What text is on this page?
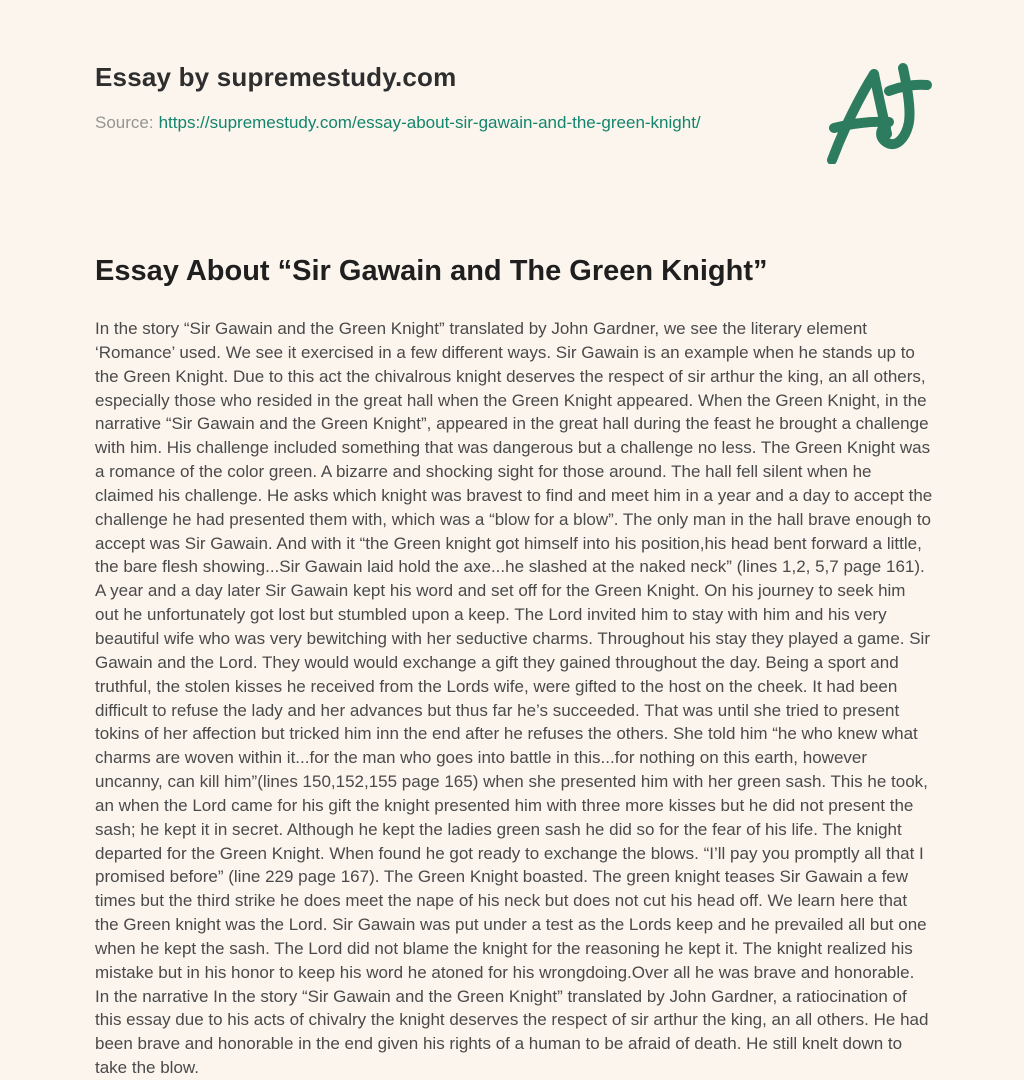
Essay by supremestudy.com

Source: https://supremestudy.com/essay-about-sir-gawain-and-the-green-knight/

Essay About “Sir Gawain and The Green Knight”

In the story “Sir Gawain and the Green Knight” translated by John Gardner, we see the literary element ‘Romance’ used. We see it exercised in a few different ways. Sir Gawain is an example when he stands up to the Green Knight. Due to this act the chivalrous knight deserves the respect of sir arthur the king, an all others, especially those who resided in the great hall when the Green Knight appeared. When the Green Knight, in the narrative “Sir Gawain and the Green Knight”, appeared in the great hall during the feast he brought a challenge with him. His challenge included something that was dangerous but a challenge no less. The Green Knight was a romance of the color green. A bizarre and shocking sight for those around. The hall fell silent when he claimed his challenge. He asks which knight was bravest to find and meet him in a year and a day to accept the challenge he had presented them with, which was a “blow for a blow”. The only man in the hall brave enough to accept was Sir Gawain. And with it “the Green knight got himself into his position,his head bent forward a little, the bare flesh showing...Sir Gawain laid hold the axe...he slashed at the naked neck” (lines 1,2, 5,7 page 161). A year and a day later Sir Gawain kept his word and set off for the Green Knight. On his journey to seek him out he unfortunately got lost but stumbled upon a keep. The Lord invited him to stay with him and his very beautiful wife who was very bewitching with her seductive charms. Throughout his stay they played a game. Sir Gawain and the Lord. They would would exchange a gift they gained throughout the day. Being a sport and truthful, the stolen kisses he received from the Lords wife, were gifted to the host on the cheek. It had been difficult to refuse the lady and her advances but thus far he’s succeeded. That was until she tried to present tokins of her affection but tricked him inn the end after he refuses the others. She told him “he who knew what charms are woven within it...for the man who goes into battle in this...for nothing on this earth, however uncanny, can kill him”(lines 150,152,155 page 165) when she presented him with her green sash. This he took, an when the Lord came for his gift the knight presented him with three more kisses but he did not present the sash; he kept it in secret. Although he kept the ladies green sash he did so for the fear of his life. The knight departed for the Green Knight. When found he got ready to exchange the blows. “I’ll pay you promptly all that I promised before” (line 229 page 167). The Green Knight boasted. The green knight teases Sir Gawain a few times but the third strike he does meet the nape of his neck but does not cut his head off. We learn here that the Green knight was the Lord. Sir Gawain was put under a test as the Lords keep and he prevailed all but one when he kept the sash. The Lord did not blame the knight for the reasoning he kept it. The knight realized his mistake but in his honor to keep his word he atoned for his wrongdoing.Over all he was brave and honorable. In the narrative In the story “Sir Gawain and the Green Knight” translated by John Gardner, a ratiocination of this essay due to his acts of chivalry the knight deserves the respect of sir arthur the king, an all others. He had been brave and honorable in the end given his rights of a human to be afraid of death. He still knelt down to take the blow.
